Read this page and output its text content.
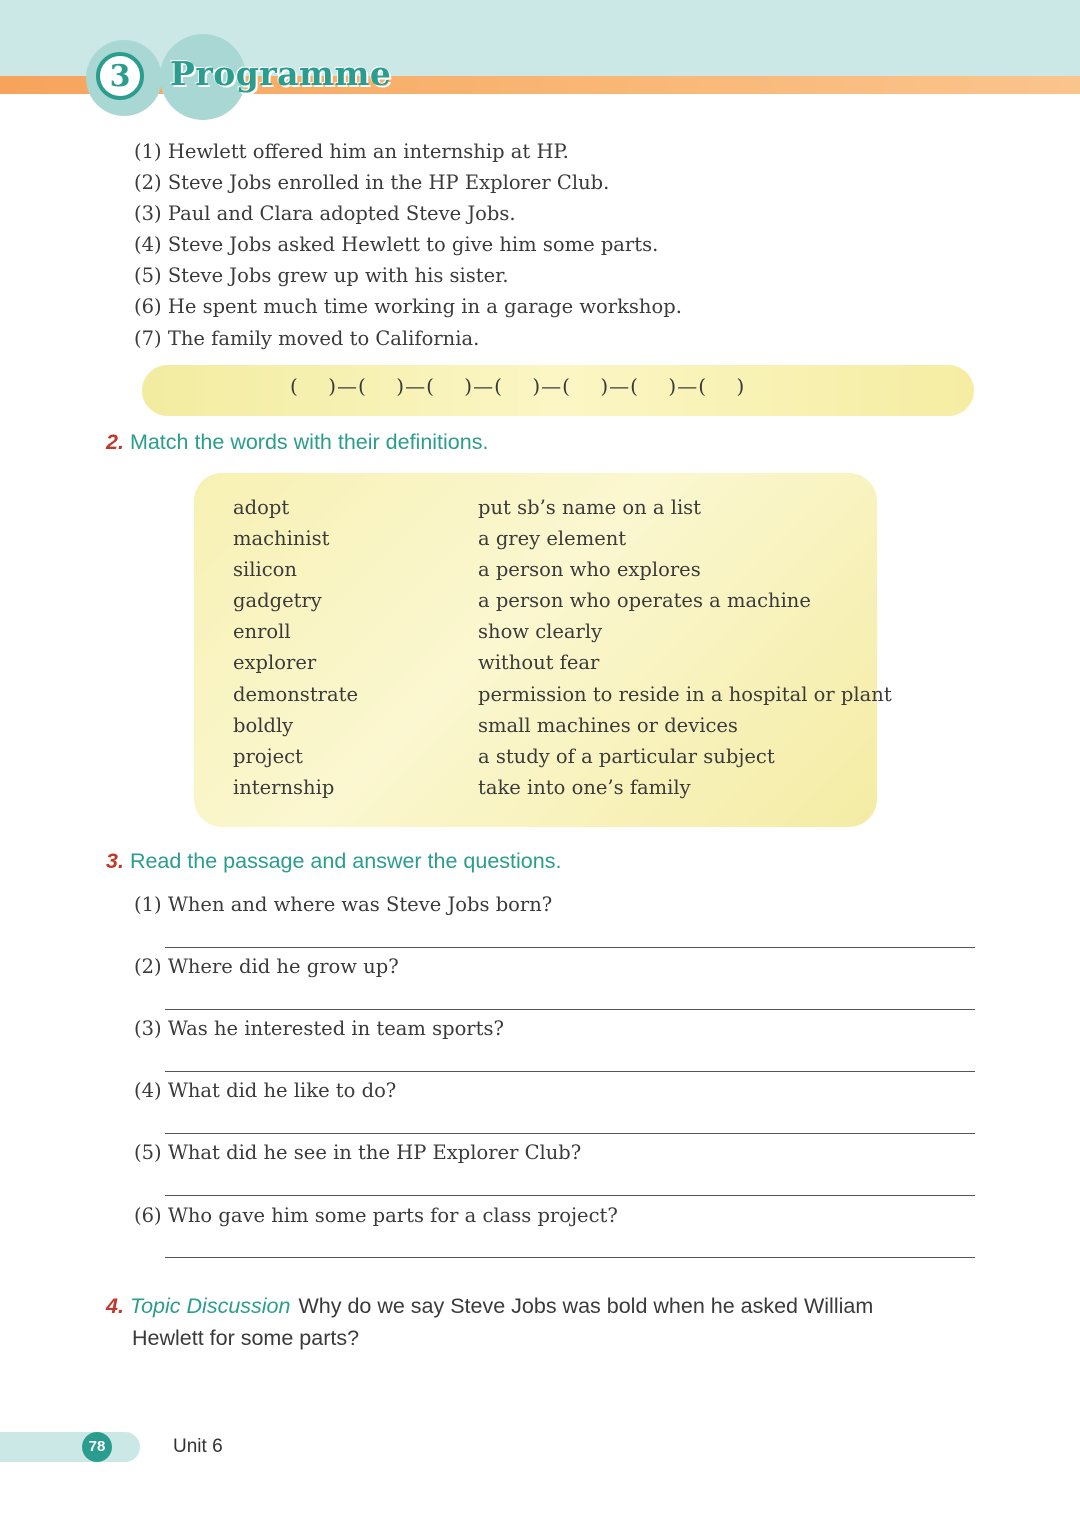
3	Programme
(1) Hewlett offered him an internship at HP.
(2) Steve Jobs enrolled in the HP Explorer Club.
(3) Paul and Clara adopted Steve Jobs.
(4) Steve Jobs asked Hewlett to give him some parts.
(5) Steve Jobs grew up with his sister.
(6) He spent much time working in a garage workshop.
(7) The family moved to California.
(    )—(    )—(    )—(    )—(    )—(    )—(    )
2. Match the words with their definitions.
adopt
machinist
silicon
gadgetry
enroll
explorer
demonstrate
boldly
project
internship
put sb’s name on a list
a grey element
a person who explores
a person who operates a machine
show clearly
without fear
permission to reside in a hospital or plant
small machines or devices
a study of a particular subject
take into one’s family
3. Read the passage and answer the questions.
(1) When and where was Steve Jobs born?
(2) Where did he grow up?
(3) Was he interested in team sports?
(4) What did he like to do?
(5) What did he see in the HP Explorer Club?
(6) Who gave him some parts for a class project?
4. Topic Discussion Why do we say Steve Jobs was bold when he asked William
Hewlett for some parts?
78	Unit 6
